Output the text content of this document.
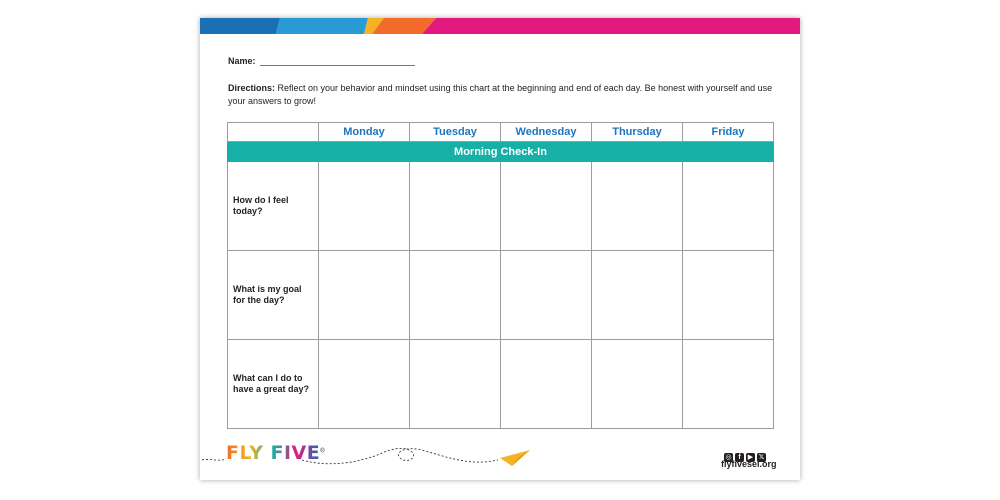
Name:
Directions: Reflect on your behavior and mindset using this chart at the beginning and end of each day. Be honest with yourself and use your answers to grow!
	Monday	Tuesday	Wednesday	Thursday	Friday
Morning Check-In					
How do I feel today?					
What is my goal for the day?					
What can I do to have a great day?					
FLY FIVE®
◎ f ▶ 𝕏
flyfivesel.org
